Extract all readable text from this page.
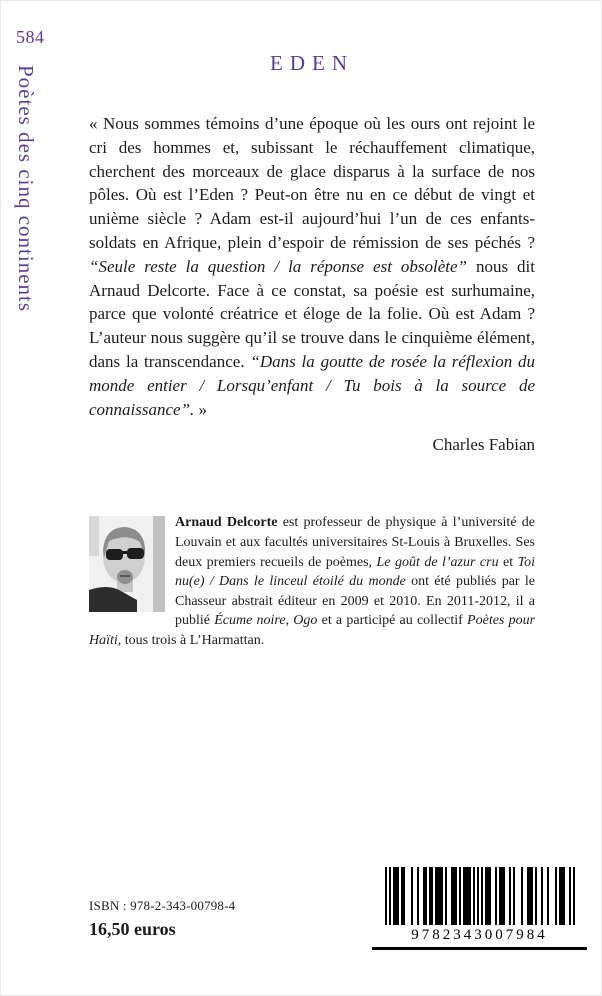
584
Poètes des cinq continents
EDEN

« Nous sommes témoins d’une époque où les ours ont rejoint le cri des hommes et, subissant le réchauffement climatique, cherchent des morceaux de glace disparus à la surface de nos pôles. Où est l’Eden ? Peut-on être nu en ce début de vingt et unième siècle ? Adam est-il aujourd’hui l’un de ces enfants-soldats en Afrique, plein d’espoir de rémission de ses péchés ? “Seule reste la question / la réponse est obsolète” nous dit Arnaud Delcorte. Face à ce constat, sa poésie est surhumaine, parce que volonté créatrice et éloge de la folie. Où est Adam ? L’auteur nous suggère qu’il se trouve dans le cinquième élément, dans la transcendance. “Dans la goutte de rosée la réflexion du monde entier / Lorsqu’enfant / Tu bois à la source de connaissance”. »

Charles Fabian
Arnaud Delcorte est professeur de physique à l’université de Louvain et aux facultés universitaires St-Louis à Bruxelles. Ses deux premiers recueils de poèmes, Le goût de l’azur cru et Toi nu(e) / Dans le linceul étoilé du monde ont été publiés par le Chasseur abstrait éditeur en 2009 et 2010. En 2011-2012, il a publié Écume noire, Ogo et a participé au collectif Poètes pour Haïti, tous trois à L’Harmattan.
ISBN : 978-2-343-00798-4
16,50 euros	9782343007984
